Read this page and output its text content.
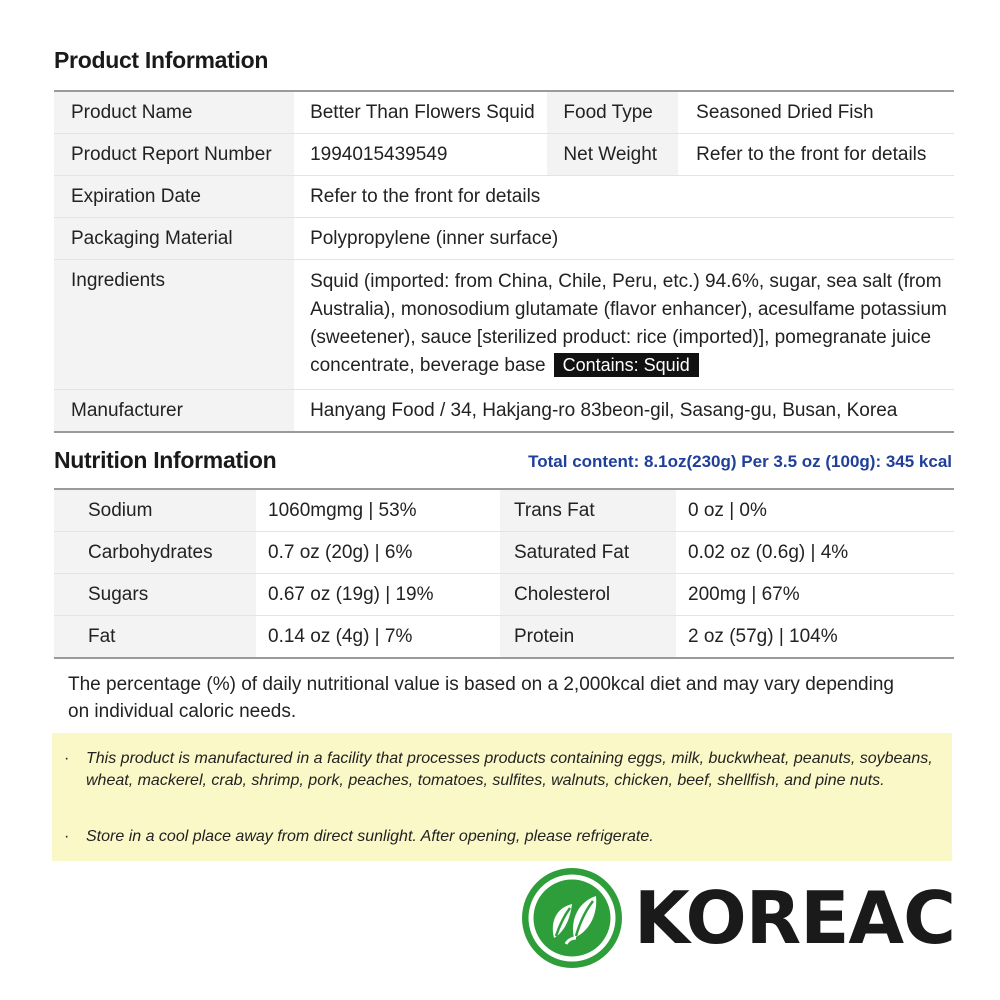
Product Information
Product Name	Better Than Flowers Squid	Food Type	Seasoned Dried Fish
Product Report Number	1994015439549	Net Weight	Refer to the front for details
Expiration Date	Refer to the front for details		
Packaging Material	Polypropylene (inner surface)		
Ingredients	Squid (imported: from China, Chile, Peru, etc.) 94.6%, sugar, sea salt (from Australia), monosodium glutamate (flavor enhancer), acesulfame potassium (sweetener), sauce [sterilized product: rice (imported)], pomegranate juice concentrate, beverage base Contains: Squid		
Manufacturer	Hanyang Food / 34, Hakjang-ro 83beon-gil, Sasang-gu, Busan, Korea		
Nutrition Information	Total content: 8.1oz(230g) Per 3.5 oz (100g): 345 kcal
Sodium	1060mgmg | 53%	Trans Fat	0 oz | 0%
Carbohydrates	0.7 oz (20g) | 6%	Saturated Fat	0.02 oz (0.6g) | 4%
Sugars	0.67 oz (19g) | 19%	Cholesterol	200mg | 67%
Fat	0.14 oz (4g) | 7%	Protein	2 oz (57g) | 104%
The percentage (%) of daily nutritional value is based on a 2,000kcal diet and may vary depending on individual caloric needs.
·	This product is manufactured in a facility that processes products containing eggs, milk, buckwheat, peanuts, soybeans, wheat, mackerel, crab, shrimp, pork, peaches, tomatoes, sulfites, walnuts, chicken, beef, shellfish, and pine nuts.
·	Store in a cool place away from direct sunlight. After opening, please refrigerate.
KOREAC
